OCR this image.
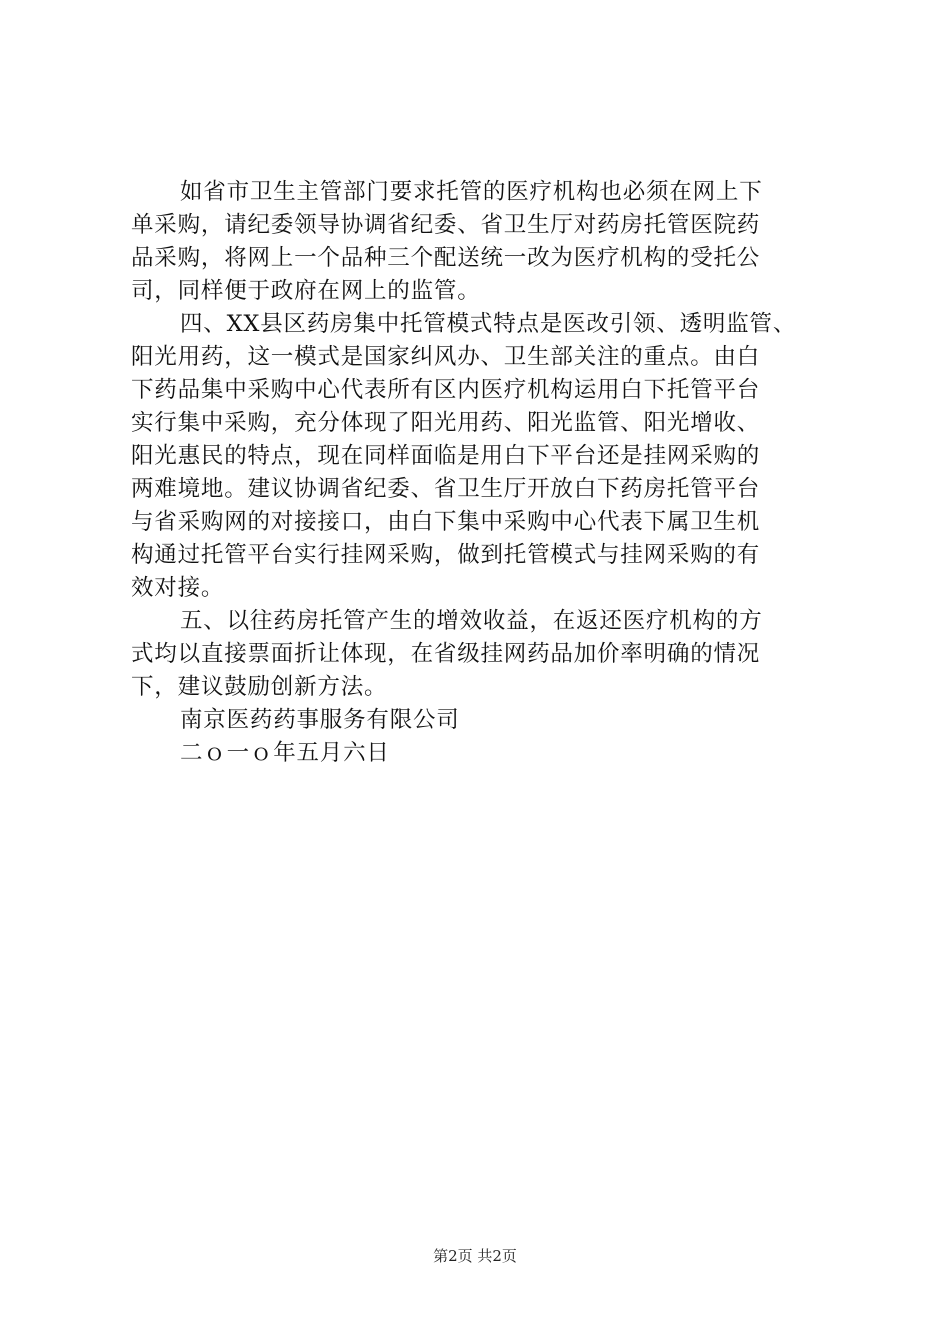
如省市卫生主管部门要求托管的医疗机构也必须在网上下
单采购，请纪委领导协调省纪委、省卫生厅对药房托管医院药
品采购，将网上一个品种三个配送统一改为医疗机构的受托公
司，同样便于政府在网上的监管。
四、XX县区药房集中托管模式特点是医改引领、透明监管、
阳光用药，这一模式是国家纠风办、卫生部关注的重点。由白
下药品集中采购中心代表所有区内医疗机构运用白下托管平台
实行集中采购，充分体现了阳光用药、阳光监管、阳光增收、
阳光惠民的特点，现在同样面临是用白下平台还是挂网采购的
两难境地。建议协调省纪委、省卫生厅开放白下药房托管平台
与省采购网的对接接口，由白下集中采购中心代表下属卫生机
构通过托管平台实行挂网采购，做到托管模式与挂网采购的有
效对接。
五、以往药房托管产生的增效收益，在返还医疗机构的方
式均以直接票面折让体现，在省级挂网药品加价率明确的情况
下，建议鼓励创新方法。
南京医药药事服务有限公司
二ｏ一ｏ年五月六日
第2页 共2页
